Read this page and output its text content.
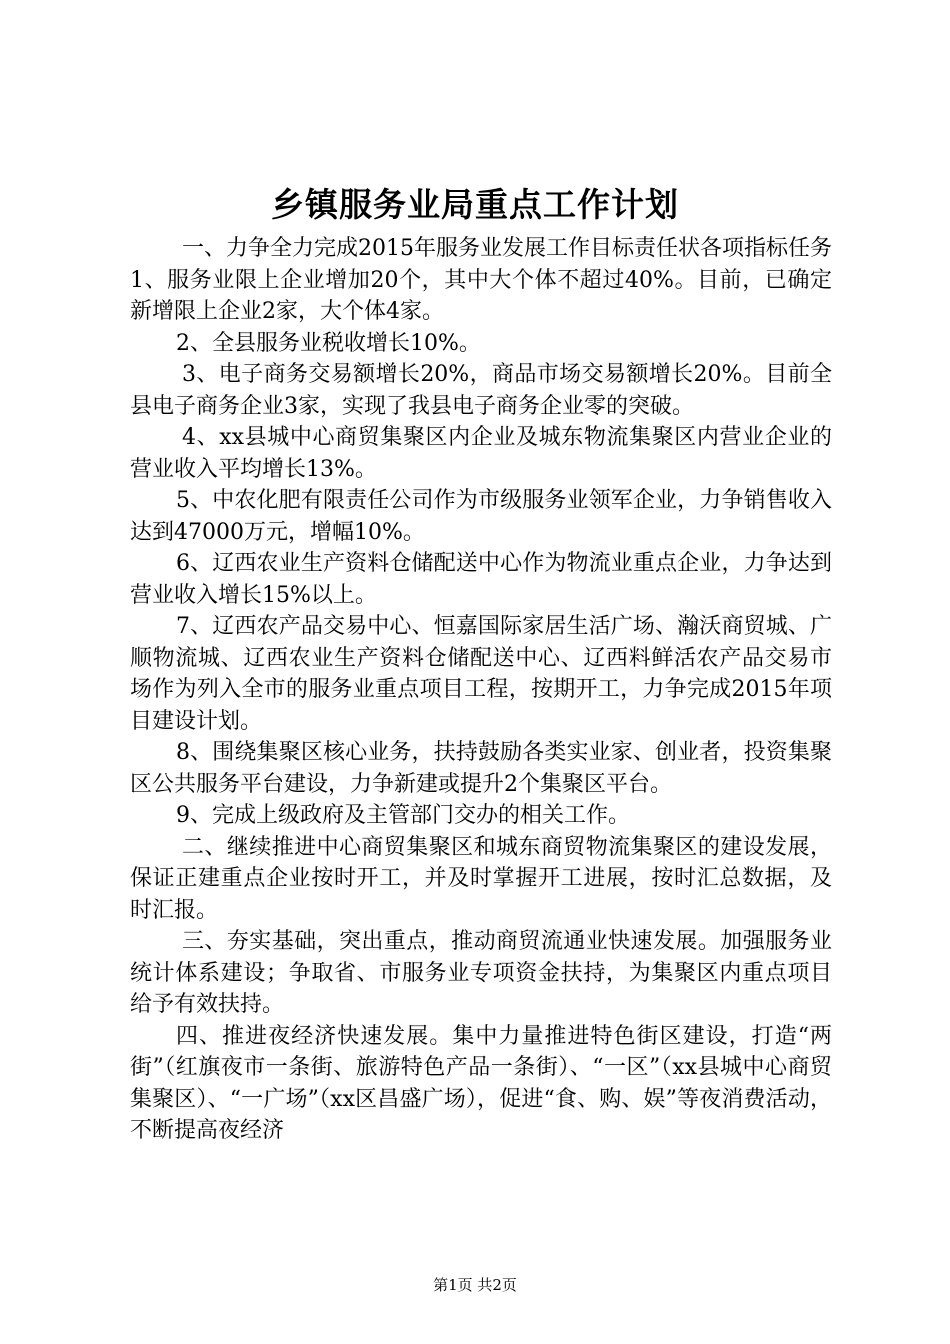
乡镇服务业局重点工作计划

一、力争全力完成2015年服务业发展工作目标责任状各项指标任务1、服务业限上企业增加20个，其中大个体不超过40%。目前，已确定新增限上企业2家，大个体4家。

2、全县服务业税收增长10%。

3、电子商务交易额增长20%，商品市场交易额增长20%。目前全县电子商务企业3家，实现了我县电子商务企业零的突破。

4、xx县城中心商贸集聚区内企业及城东物流集聚区内营业企业的营业收入平均增长13%。

5、中农化肥有限责任公司作为市级服务业领军企业，力争销售收入达到47000万元，增幅10%。

6、辽西农业生产资料仓储配送中心作为物流业重点企业，力争达到营业收入增长15%以上。

7、辽西农产品交易中心、恒嘉国际家居生活广场、瀚沃商贸城、广顺物流城、辽西农业生产资料仓储配送中心、辽西料鲜活农产品交易市场作为列入全市的服务业重点项目工程，按期开工，力争完成2015年项目建设计划。

8、围绕集聚区核心业务，扶持鼓励各类实业家、创业者，投资集聚区公共服务平台建设，力争新建或提升2个集聚区平台。

9、完成上级政府及主管部门交办的相关工作。

二、继续推进中心商贸集聚区和城东商贸物流集聚区的建设发展，保证正建重点企业按时开工，并及时掌握开工进展，按时汇总数据，及时汇报。

三、夯实基础，突出重点，推动商贸流通业快速发展。加强服务业统计体系建设；争取省、市服务业专项资金扶持，为集聚区内重点项目给予有效扶持。

四、推进夜经济快速发展。集中力量推进特色街区建设，打造“两街”（红旗夜市一条街、旅游特色产品一条街）、“一区”（xx县城中心商贸集聚区）、“一广场”（xx区昌盛广场），促进“食、购、娱”等夜消费活动，不断提高夜经济

第1页 共2页
